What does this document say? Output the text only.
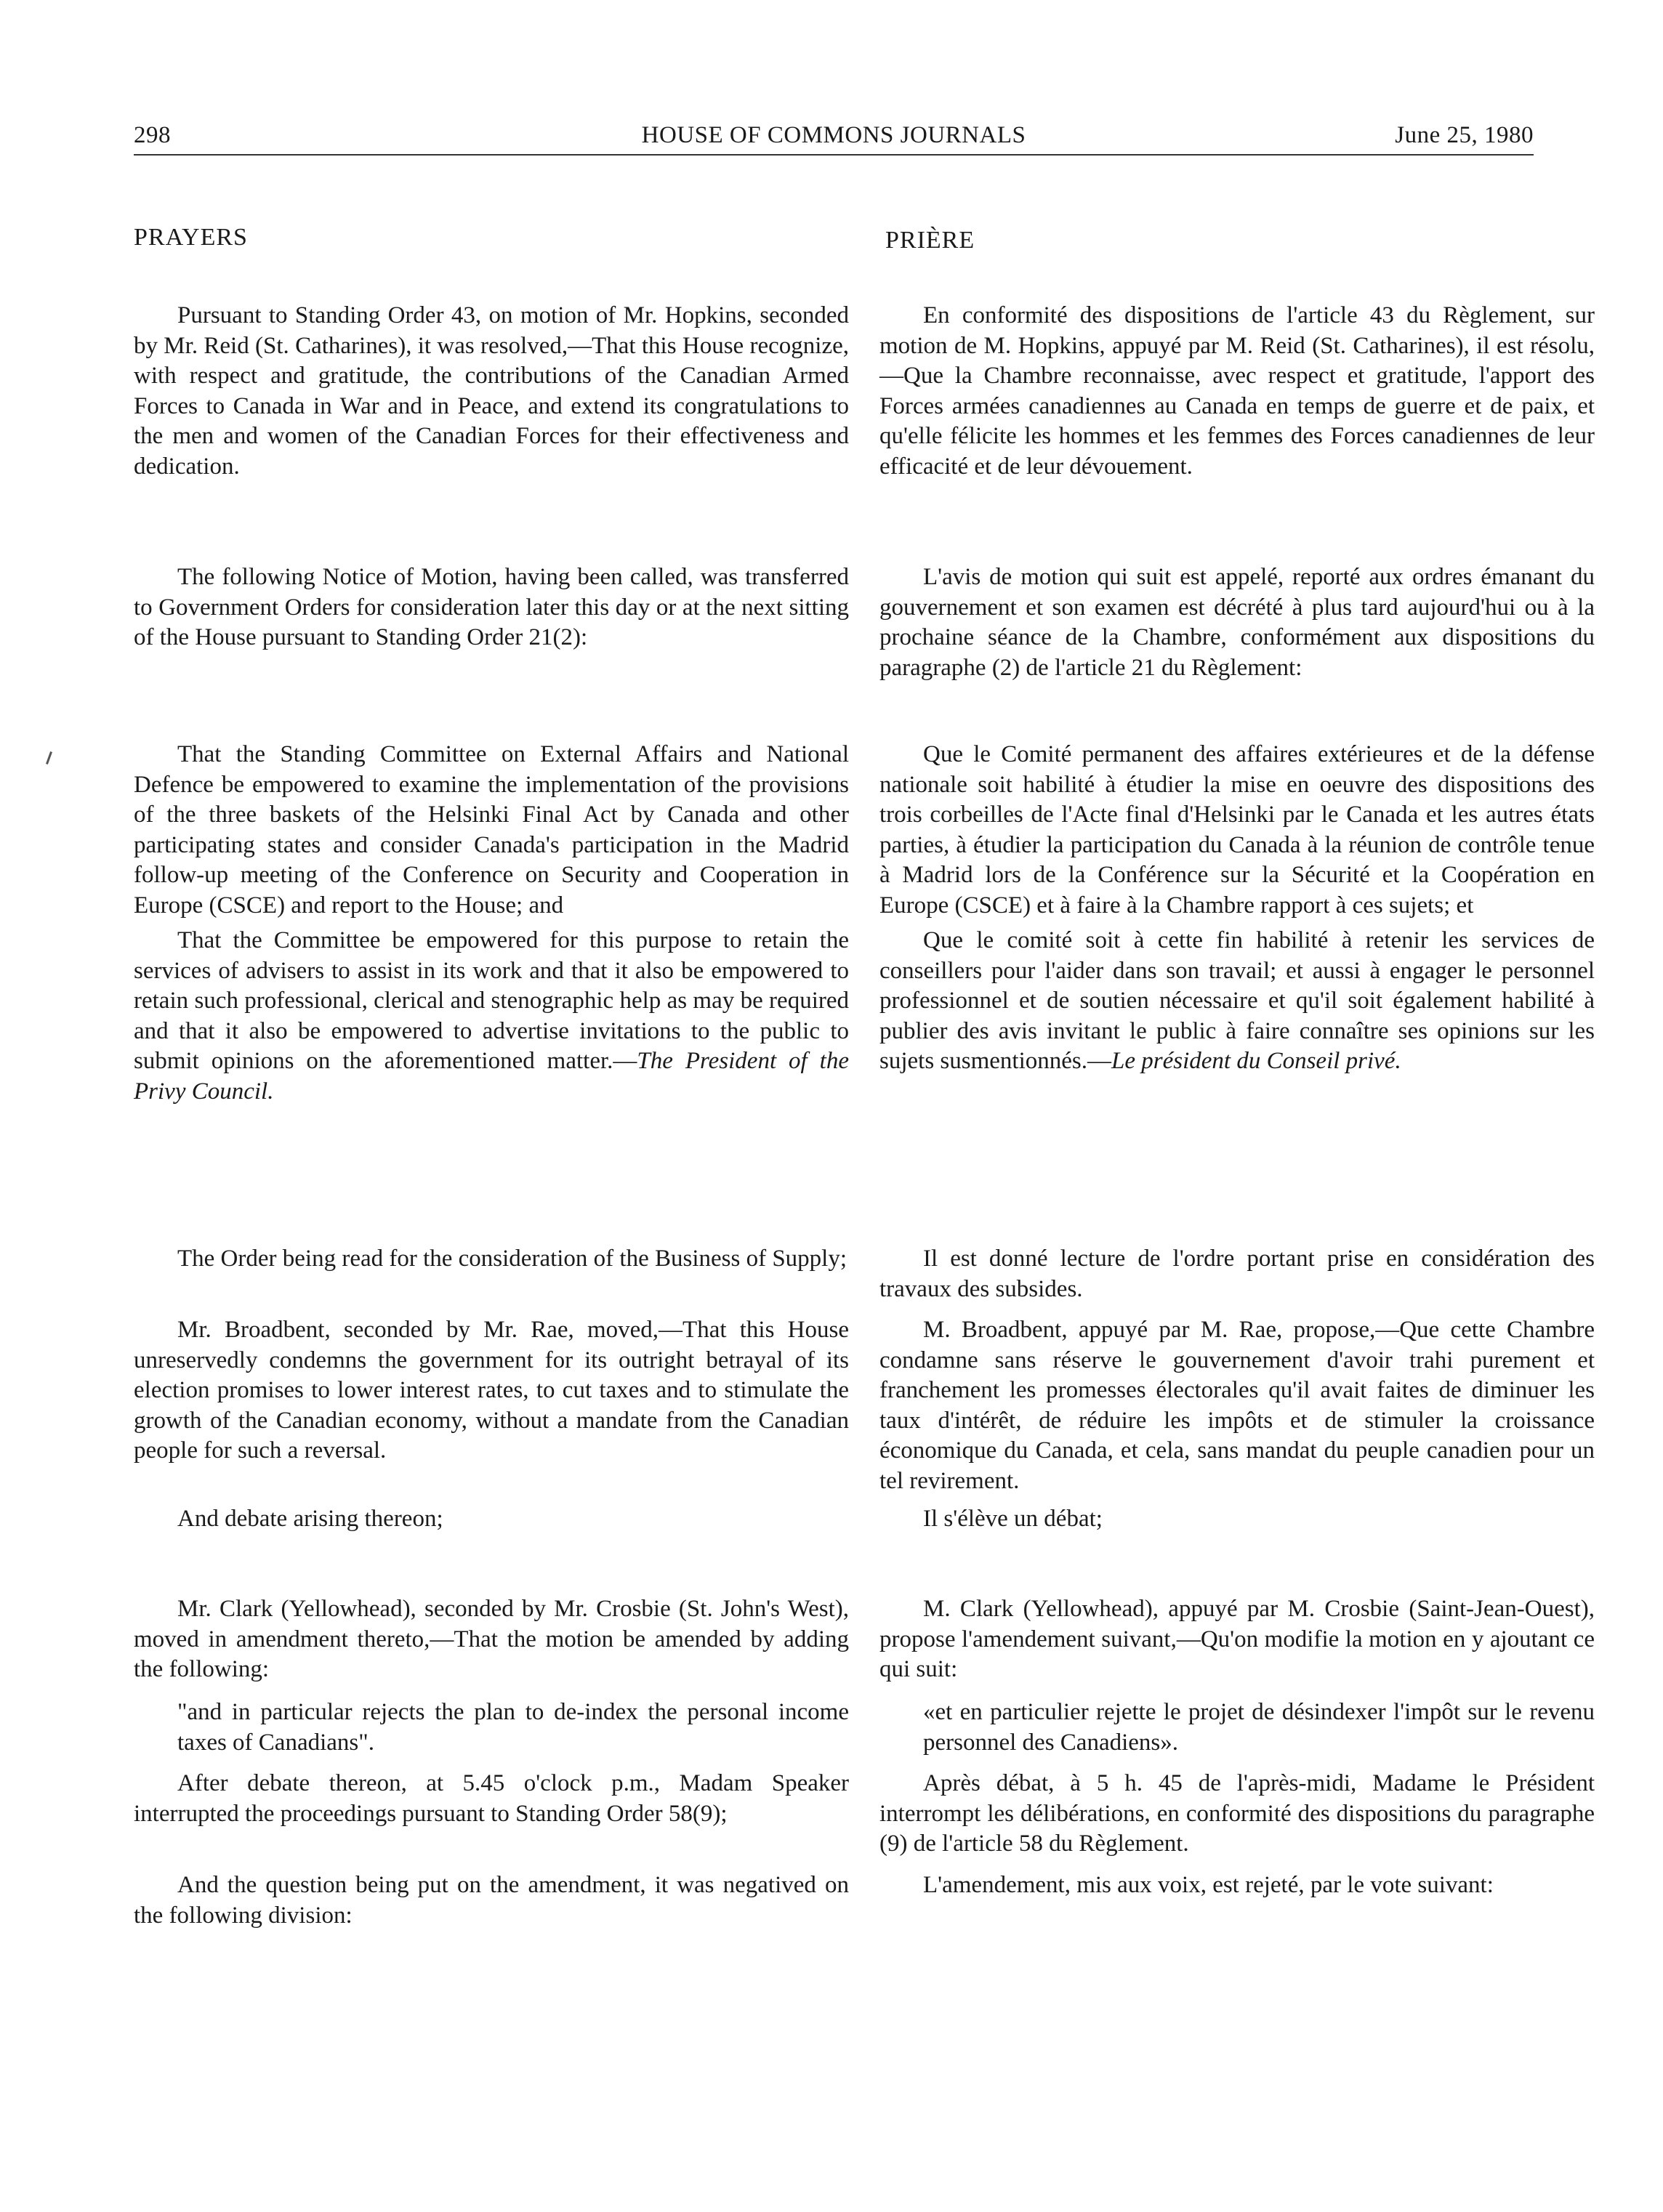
298	HOUSE OF COMMONS JOURNALS	June 25, 1980
PRAYERS

Pursuant to Standing Order 43, on motion of Mr. Hopkins, seconded by Mr. Reid (St. Catharines), it was resolved,—That this House recognize, with respect and gratitude, the contributions of the Canadian Armed Forces to Canada in War and in Peace, and extend its congratulations to the men and women of the Canadian Forces for their effectiveness and dedication.

The following Notice of Motion, having been called, was transferred to Government Orders for consideration later this day or at the next sitting of the House pursuant to Standing Order 21(2):

That the Standing Committee on External Affairs and National Defence be empowered to examine the implementation of the provisions of the three baskets of the Helsinki Final Act by Canada and other participating states and consider Canada's participation in the Madrid follow-up meeting of the Conference on Security and Cooperation in Europe (CSCE) and report to the House; and

That the Committee be empowered for this purpose to retain the services of advisers to assist in its work and that it also be empowered to retain such professional, clerical and stenographic help as may be required and that it also be empowered to advertise invitations to the public to submit opinions on the aforementioned matter.—The President of the Privy Council.

The Order being read for the consideration of the Business of Supply;

Mr. Broadbent, seconded by Mr. Rae, moved,—That this House unreservedly condemns the government for its outright betrayal of its election promises to lower interest rates, to cut taxes and to stimulate the growth of the Canadian economy, without a mandate from the Canadian people for such a reversal.

And debate arising thereon;

Mr. Clark (Yellowhead), seconded by Mr. Crosbie (St. John's West), moved in amendment thereto,—That the motion be amended by adding the following:

"and in particular rejects the plan to de-index the personal income taxes of Canadians".

After debate thereon, at 5.45 o'clock p.m., Madam Speaker interrupted the proceedings pursuant to Standing Order 58(9);

And the question being put on the amendment, it was negatived on the following division:

PRIÈRE

En conformité des dispositions de l'article 43 du Règlement, sur motion de M. Hopkins, appuyé par M. Reid (St. Catharines), il est résolu,—Que la Chambre reconnaisse, avec respect et gratitude, l'apport des Forces armées canadiennes au Canada en temps de guerre et de paix, et qu'elle félicite les hommes et les femmes des Forces canadiennes de leur efficacité et de leur dévouement.

L'avis de motion qui suit est appelé, reporté aux ordres émanant du gouvernement et son examen est décrété à plus tard aujourd'hui ou à la prochaine séance de la Chambre, conformément aux dispositions du paragraphe (2) de l'article 21 du Règlement:

Que le Comité permanent des affaires extérieures et de la défense nationale soit habilité à étudier la mise en oeuvre des dispositions des trois corbeilles de l'Acte final d'Helsinki par le Canada et les autres états parties, à étudier la participation du Canada à la réunion de contrôle tenue à Madrid lors de la Conférence sur la Sécurité et la Coopération en Europe (CSCE) et à faire à la Chambre rapport à ces sujets; et

Que le comité soit à cette fin habilité à retenir les services de conseillers pour l'aider dans son travail; et aussi à engager le personnel professionnel et de soutien nécessaire et qu'il soit également habilité à publier des avis invitant le public à faire connaître ses opinions sur les sujets susmentionnés.—Le président du Conseil privé.

Il est donné lecture de l'ordre portant prise en considération des travaux des subsides.

M. Broadbent, appuyé par M. Rae, propose,—Que cette Chambre condamne sans réserve le gouvernement d'avoir trahi purement et franchement les promesses électorales qu'il avait faites de diminuer les taux d'intérêt, de réduire les impôts et de stimuler la croissance économique du Canada, et cela, sans mandat du peuple canadien pour un tel revirement.

Il s'élève un débat;

M. Clark (Yellowhead), appuyé par M. Crosbie (Saint-Jean-Ouest), propose l'amendement suivant,—Qu'on modifie la motion en y ajoutant ce qui suit:

«et en particulier rejette le projet de désindexer l'impôt sur le revenu personnel des Canadiens».

Après débat, à 5 h. 45 de l'après-midi, Madame le Président interrompt les délibérations, en conformité des dispositions du paragraphe (9) de l'article 58 du Règlement.

L'amendement, mis aux voix, est rejeté, par le vote suivant:
